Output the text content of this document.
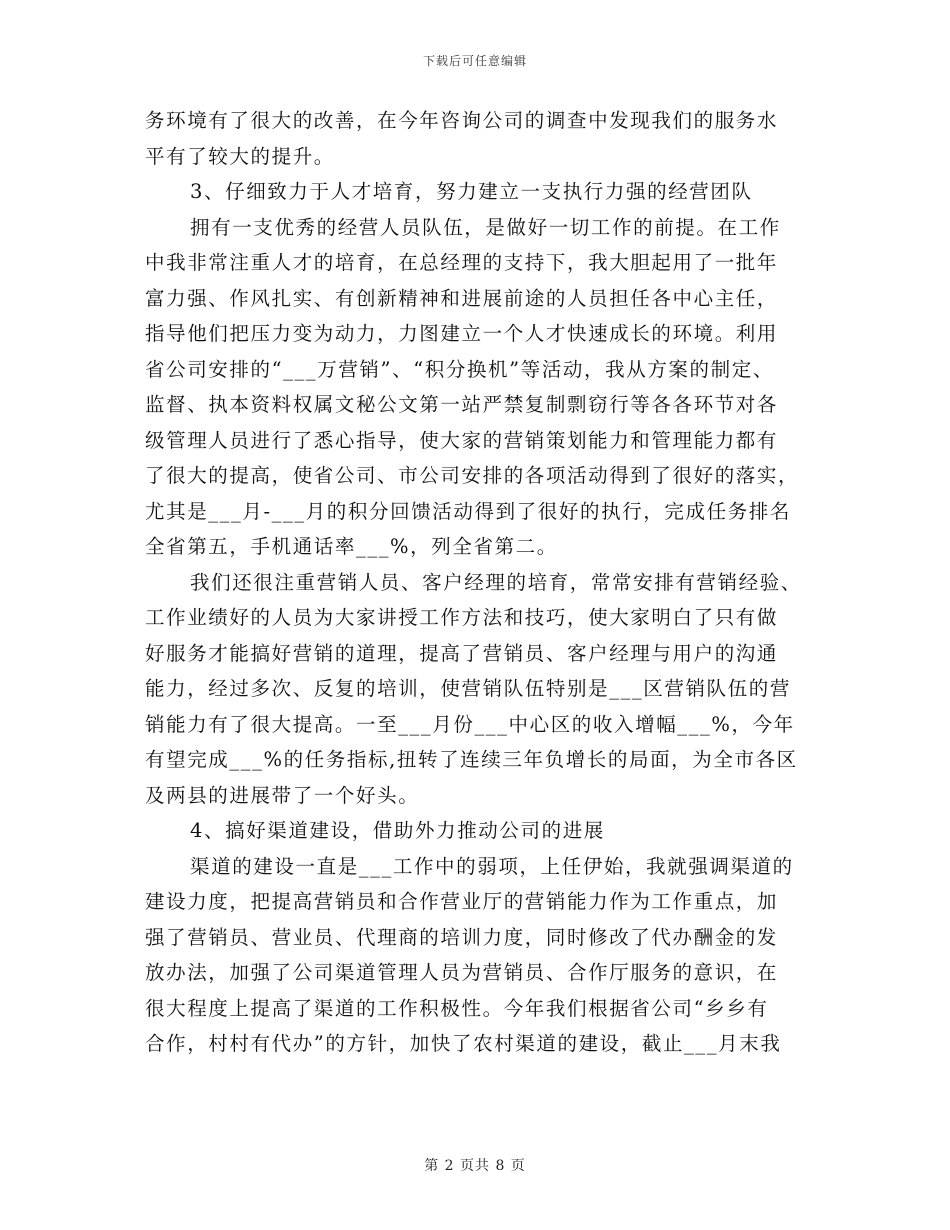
下载后可任意编辑
务环境有了很大的改善，在今年咨询公司的调查中发现我们的服务水
平有了较大的提升。
3、仔细致力于人才培育，努力建立一支执行力强的经营团队
拥有一支优秀的经营人员队伍，是做好一切工作的前提。在工作
中我非常注重人才的培育，在总经理的支持下，我大胆起用了一批年
富力强、作风扎实、有创新精神和进展前途的人员担任各中心主任，
指导他们把压力变为动力，力图建立一个人才快速成长的环境。利用
省公司安排的“___万营销”、“积分换机”等活动，我从方案的制定、
监督、执本资料权属文秘公文第一站严禁复制剽窃行等各各环节对各
级管理人员进行了悉心指导，使大家的营销策划能力和管理能力都有
了很大的提高，使省公司、市公司安排的各项活动得到了很好的落实，
尤其是___月-___月的积分回馈活动得到了很好的执行，完成任务排名
全省第五，手机通话率___%，列全省第二。
我们还很注重营销人员、客户经理的培育，常常安排有营销经验、
工作业绩好的人员为大家讲授工作方法和技巧，使大家明白了只有做
好服务才能搞好营销的道理，提高了营销员、客户经理与用户的沟通
能力，经过多次、反复的培训，使营销队伍特别是___区营销队伍的营
销能力有了很大提高。一至___月份___中心区的收入增幅___%，今年
有望完成___%的任务指标,扭转了连续三年负增长的局面，为全市各区
及两县的进展带了一个好头。
4、搞好渠道建设，借助外力推动公司的进展
渠道的建设一直是___工作中的弱项，上任伊始，我就强调渠道的
建设力度，把提高营销员和合作营业厅的营销能力作为工作重点，加
强了营销员、营业员、代理商的培训力度，同时修改了代办酬金的发
放办法，加强了公司渠道管理人员为营销员、合作厅服务的意识，在
很大程度上提高了渠道的工作积极性。今年我们根据省公司“乡乡有
合作，村村有代办”的方针，加快了农村渠道的建设，截止___月末我
第 2 页共 8 页
